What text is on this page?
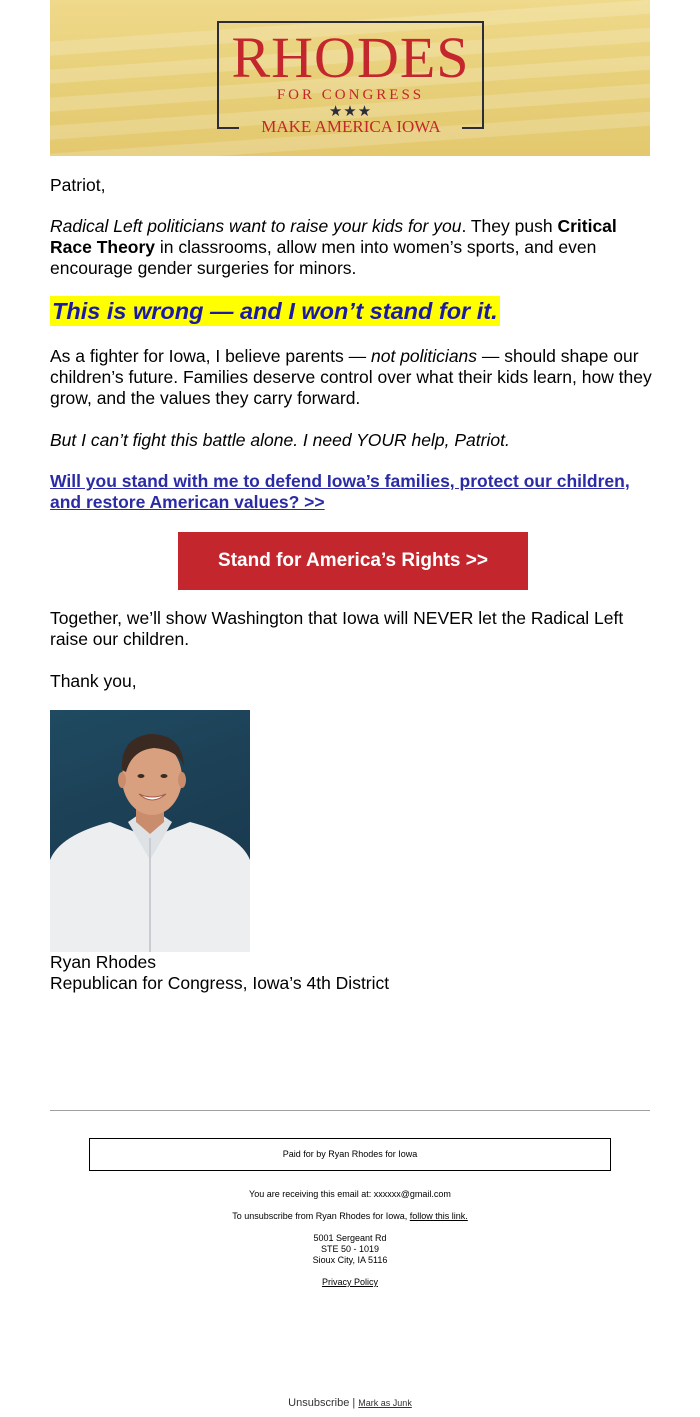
RHODES
FOR CONGRESS
★★★
MAKE AMERICA IOWA

Patriot,

Radical Left politicians want to raise your kids for you. They push Critical Race Theory in classrooms, allow men into women’s sports, and even encourage gender surgeries for minors.

This is wrong — and I won’t stand for it.

As a fighter for Iowa, I believe parents — not politicians — should shape our children’s future. Families deserve control over what their kids learn, how they grow, and the values they carry forward.

But I can’t fight this battle alone. I need YOUR help, Patriot.

Will you stand with me to defend Iowa’s families, protect our children, and restore American values? >>
Stand for America’s Rights >>

Together, we’ll show Washington that Iowa will NEVER let the Radical Left raise our children.

Thank you,

Ryan Rhodes

Republican for Congress, Iowa’s 4th District

Paid for by Ryan Rhodes for Iowa
You are receiving this email at: xxxxxx@gmail.com
To unsubscribe from Ryan Rhodes for Iowa, follow this link.
5001 Sergeant Rd
STE 50 - 1019
Sioux City, IA 5116
Privacy Policy
Unsubscribe | Mark as Junk
